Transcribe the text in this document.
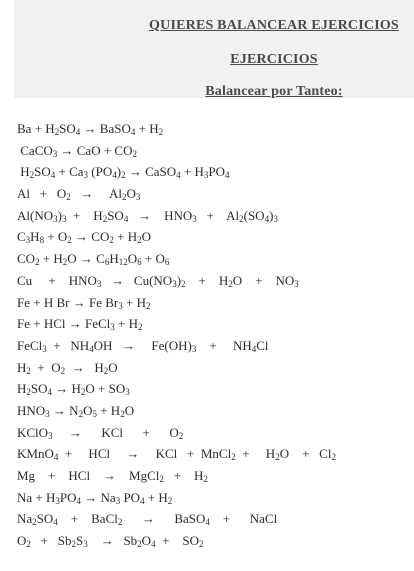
QUIERES BALANCEAR EJERCICIOS
EJERCICIOS
Balancear por Tanteo:
$Ba + H_2SO_4$ → BaSO$_4$ + $H_2$
CaCO$_3$ → CaO + $CO_2$
$H_2SO_4 + Ca_3$ $(PO_4)_2$ → CaSO$_4$ + $H_3PO_4$
$Al + O_2$   →     $Al_2O_3$
$Al(NO_3)_3$  +    $H_2SO_4$   →    $HNO_3$   +    $Al_2(SO_4)_3$
$C_3H_8 + O_2 \to CO_2 + H_2O$
$CO_2 + H_2O \to C_6H_{12}O_6 + O_6$
Cu     +    $HNO_3 \to Cu(NO_3)_2$    +    $H_2O$    +    $NO_3$
Fe + H Br → Fe $Br_3 + H_2$
Fe + HCl → FeCl$_3$ + $H_2$
FeCl$_3$  +   $NH_4OH$   →     $Fe(OH)_3$    +     $NH_4Cl$
$H_2 + O_2 \to H_2O$
$H_2SO_4 \to H_2O + SO_3$
$HNO_3 \to N_2O_5 + H_2O$
KClO$_3$     →      KCl      +      $O_2$
KMnO$_4$  +     HCl     →     KCl   +  MnCl$_2$  +     $H_2O$    +   $Cl_2$
Mg    +    HCl    →    MgCl$_2$   +    $H_2$
$Na + H_3PO_4 \to Na_3$ $PO_4 + H_2$
$Na_2SO_4$    +    BaCl$_2$      →      BaSO$_4$    +      NaCl
$O_2 + Sb_2S_3$    →   $Sb_2O_4$  +    $SO_2$
